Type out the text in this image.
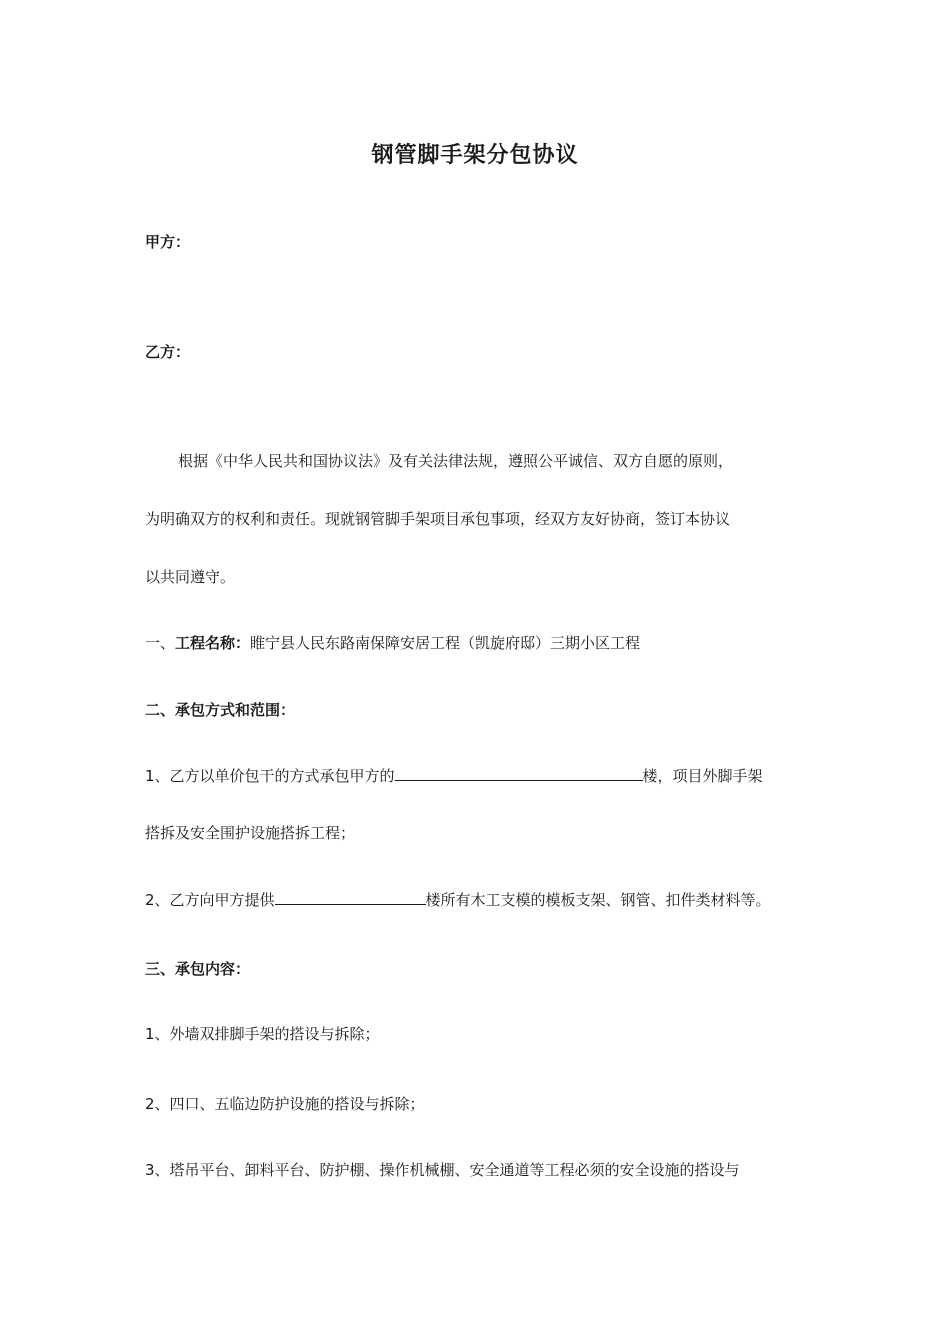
钢管脚手架分包协议
甲方：
乙方：
根据《中华人民共和国协议法》及有关法律法规，遵照公平诚信、双方自愿的原则，
为明确双方的权利和责任。现就钢管脚手架项目承包事项，经双方友好协商，签订本协议
以共同遵守。
一、工程名称：睢宁县人民东路南保障安居工程（凯旋府邸）三期小区工程
二、承包方式和范围：
1、乙方以单价包干的方式承包甲方的	楼，项目外脚手架
搭拆及安全围护设施搭拆工程；
2、乙方向甲方提供	楼所有木工支模的模板支架、钢管、扣件类材料等。
三、承包内容：
1、外墙双排脚手架的搭设与拆除；
2、四口、五临边防护设施的搭设与拆除；
3、塔吊平台、卸料平台、防护棚、操作机械棚、安全通道等工程必须的安全设施的搭设与
